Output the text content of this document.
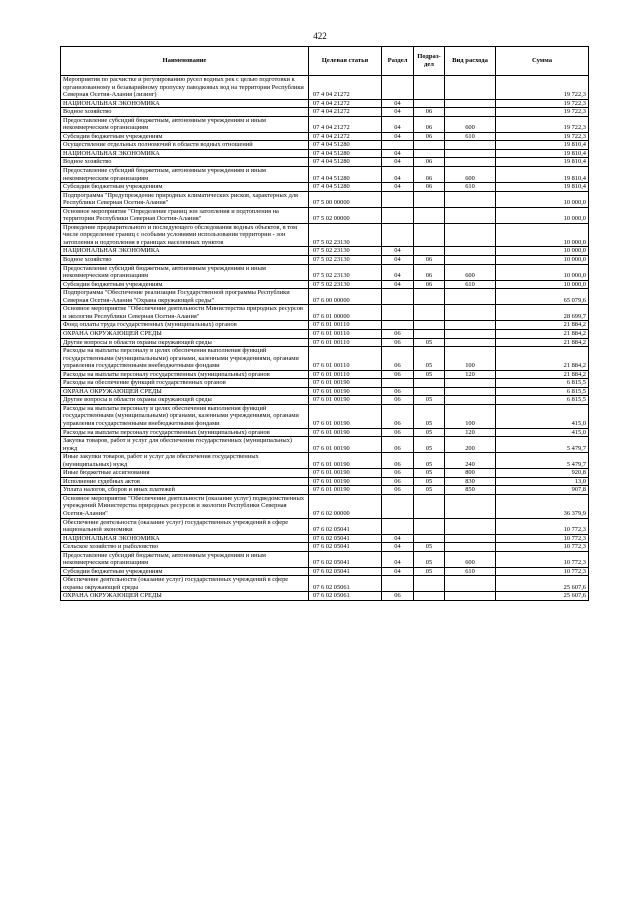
422
Наименование	Целевая статья	Раздел	Подраз-дел	Вид расхода	Сумма
Мероприятия по расчистке и регулированию русел водных рек с целью подготовки к организованному и безаварийному пропуску паводковых вод на территории Республики Северная Осетия-Алания (лизинг)	07 4 04 21272				19 722,3
НАЦИОНАЛЬНАЯ ЭКОНОМИКА	07 4 04 21272	04			19 722,3
Водное хозяйство	07 4 04 21272	04	06		19 722,3
Предоставление субсидий бюджетным, автономным учреждениям и иным некоммерческим организациям	07 4 04 21272	04	06	600	19 722,3
Субсидии бюджетным учреждениям	07 4 04 21272	04	06	610	19 722,3
Осуществление отдельных полномочий в области водных отношений	07 4 04 51280				19 810,4
НАЦИОНАЛЬНАЯ ЭКОНОМИКА	07 4 04 51280	04			19 810,4
Водное хозяйство	07 4 04 51280	04	06		19 810,4
Предоставление субсидий бюджетным, автономным учреждениям и иным некоммерческим организациям	07 4 04 51280	04	06	600	19 810,4
Субсидии бюджетным учреждениям	07 4 04 51280	04	06	610	19 810,4
Подпрограмма "Предупреждение природных климатических рисков, характерных для Республики Северная Осетия-Алания"	07 5 00 00000				10 000,0
Основное мероприятие "Определение границ зон затопления и подтопления на территории Республики Северная Осетия-Алания"	07 5 02 00000				10 000,0
Проведение предварительного и последующего обследования водных объектов, в том числе определение границ с особыми условиями использования территории - зон затопления и подтопления в границах населенных пунктов	07 5 02 23130				10 000,0
НАЦИОНАЛЬНАЯ ЭКОНОМИКА	07 5 02 23130	04			10 000,0
Водное хозяйство	07 5 02 23130	04	06		10 000,0
Предоставление субсидий бюджетным, автономным учреждениям и иным некоммерческим организациям	07 5 02 23130	04	06	600	10 000,0
Субсидии бюджетным учреждениям	07 5 02 23130	04	06	610	10 000,0
Подпрограмма "Обеспечение реализации Государственной программы Республики Северная Осетия-Алания "Охрана окружающей среды"	07 6 00 00000				65 079,6
Основное мероприятие "Обеспечение деятельности Министерства природных ресурсов и экологии Республики Северная Осетия-Алания"	07 6 01 00000				28 699,7
Фонд оплаты труда государственных (муниципальных) органов	07 6 01 00110				21 884,2
ОХРАНА ОКРУЖАЮЩЕЙ СРЕДЫ	07 6 01 00110	06			21 884,2
Другие вопросы в области охраны окружающей среды	07 6 01 00110	06	05		21 884,2
Расходы на выплаты персоналу в целях обеспечения выполнения функций государственными (муниципальными) органами, казенными учреждениями, органами управления государственными внебюджетными фондами	07 6 01 00110	06	05	100	21 884,2
Расходы на выплаты персоналу государственных (муниципальных) органов	07 6 01 00110	06	05	120	21 884,2
Расходы на обеспечение функций государственных органов	07 6 01 00190				6 815,5
ОХРАНА ОКРУЖАЮЩЕЙ СРЕДЫ	07 6 01 00190	06			6 815,5
Другие вопросы в области охраны окружающей среды	07 6 01 00190	06	05		6 815,5
Расходы на выплаты персоналу в целях обеспечения выполнения функций государственными (муниципальными) органами, казенными учреждениями, органами управления государственными внебюджетными фондами	07 6 01 00190	06	05	100	415,0
Расходы на выплаты персоналу государственных (муниципальных) органов	07 6 01 00190	06	05	120	415,0
Закупка товаров, работ и услуг для обеспечения государственных (муниципальных) нужд	07 6 01 00190	06	05	200	5 479,7
Иные закупки товаров, работ и услуг для обеспечения государственных (муниципальных) нужд	07 6 01 00190	06	05	240	5 479,7
Иные бюджетные ассигнования	07 6 01 00190	06	05	800	920,8
Исполнение судебных актов	07 6 01 00190	06	05	830	13,0
Уплата налогов, сборов и иных платежей	07 6 01 00190	06	05	850	907,8
Основное мероприятие "Обеспечение деятельности (оказание услуг) подведомственных учреждений Министерства природных ресурсов и экологии Республики Северная Осетия-Алания"	07 6 02 00000				36 379,9
Обеспечение деятельности (оказание услуг) государственных учреждений в сфере национальной экономики	07 6 02 05041				10 772,3
НАЦИОНАЛЬНАЯ ЭКОНОМИКА	07 6 02 05041	04			10 772,3
Сельское хозяйство и рыболовство	07 6 02 05041	04	05		10 772,3
Предоставление субсидий бюджетным, автономным учреждениям и иным некоммерческим организациям	07 6 02 05041	04	05	600	10 772,3
Субсидии бюджетным учреждениям	07 6 02 05041	04	05	610	10 772,3
Обеспечение деятельности (оказание услуг) государственных учреждений в сфере охраны окружающей среды	07 6 02 05061				25 607,6
ОХРАНА ОКРУЖАЮЩЕЙ СРЕДЫ	07 6 02 05061	06			25 607,6
